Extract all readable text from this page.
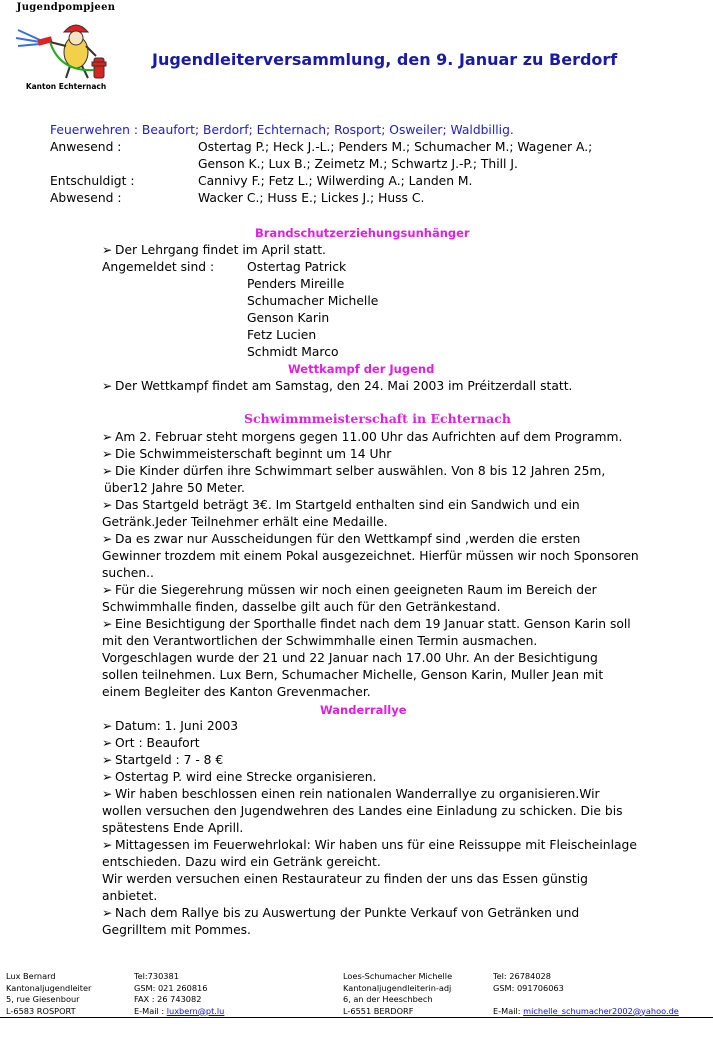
Jugendpompjeen
Kanton Echternach
Jugendleiterversammlung, den 9. Januar zu Berdorf
Feuerwehren : Beaufort; Berdorf; Echternach; Rosport; Osweiler; Waldbillig.
Anwesend :	Ostertag P.; Heck J.-L.; Penders M.; Schumacher M.; Wagener A.;
Genson K.; Lux B.; Zeimetz M.; Schwartz J.-P.; Thill J.
Entschuldigt :	Cannivy F.; Fetz L.; Wilwerding A.; Landen M.
Abwesend :	Wacker C.; Huss E.; Lickes J.; Huss C.
Brandschutzerziehungsunhänger
➢ Der Lehrgang findet im April statt.
Angemeldet sind :	Ostertag Patrick
Penders Mireille
Schumacher Michelle
Genson Karin
Fetz Lucien
Schmidt Marco
Wettkampf der Jugend
➢ Der Wettkampf findet am Samstag, den 24. Mai 2003 im Préitzerdall statt.
Schwimmmeisterschaft in Echternach
➢ Am 2. Februar steht morgens gegen 11.00 Uhr das Aufrichten auf dem Programm.
➢ Die Schwimmeisterschaft beginnt um 14 Uhr
➢ Die Kinder dürfen ihre Schwimmart selber auswählen. Von 8 bis 12 Jahren 25m,
über12 Jahre 50 Meter.
➢ Das Startgeld beträgt 3€. Im Startgeld enthalten sind ein Sandwich und ein
Getränk.Jeder Teilnehmer erhält eine Medaille.
➢ Da es zwar nur Ausscheidungen für den Wettkampf sind ,werden die ersten
Gewinner trozdem mit einem Pokal ausgezeichnet. Hierfür müssen wir noch Sponsoren
suchen..
➢ Für die Siegerehrung müssen wir noch einen geeigneten Raum im Bereich der
Schwimmhalle finden, dasselbe gilt auch für den Getränkestand.
➢ Eine Besichtigung der Sporthalle findet nach dem 19 Januar statt. Genson Karin soll
mit den Verantwortlichen der Schwimmhalle einen Termin ausmachen.
Vorgeschlagen wurde der 21 und 22 Januar nach 17.00 Uhr. An der Besichtigung
sollen teilnehmen. Lux Bern, Schumacher Michelle, Genson Karin, Muller Jean mit
einem Begleiter des Kanton Grevenmacher.
Wanderrallye
➢ Datum: 1. Juni 2003
➢ Ort : Beaufort
➢ Startgeld : 7 - 8 €
➢ Ostertag P. wird eine Strecke organisieren.
➢ Wir haben beschlossen einen rein nationalen Wanderrallye zu organisieren.Wir
wollen versuchen den Jugendwehren des Landes eine Einladung zu schicken. Die bis
spätestens Ende Aprill.
➢ Mittagessen im Feuerwehrlokal: Wir haben uns für eine Reissuppe mit Fleischeinlage
entschieden. Dazu wird ein Getränk gereicht.
Wir werden versuchen einen Restaurateur zu finden der uns das Essen günstig
anbietet.
➢ Nach dem Rallye bis zu Auswertung der Punkte Verkauf von Getränken und
Gegrilltem mit Pommes.
Lux Bernard
Kantonaljugendleiter
5, rue Giesenbour
L-6583 ROSPORT
Tel:730381
GSM: 021 260816
FAX : 26 743082
E-Mail : luxbern@pt.lu
Loes-Schumacher Michelle
Kantonaljugendleiterin-adj
6, an der Heeschbech
L-6551 BERDORF
Tel: 26784028
GSM: 091706063

E-Mail: michelle_schumacher2002@yahoo.de
